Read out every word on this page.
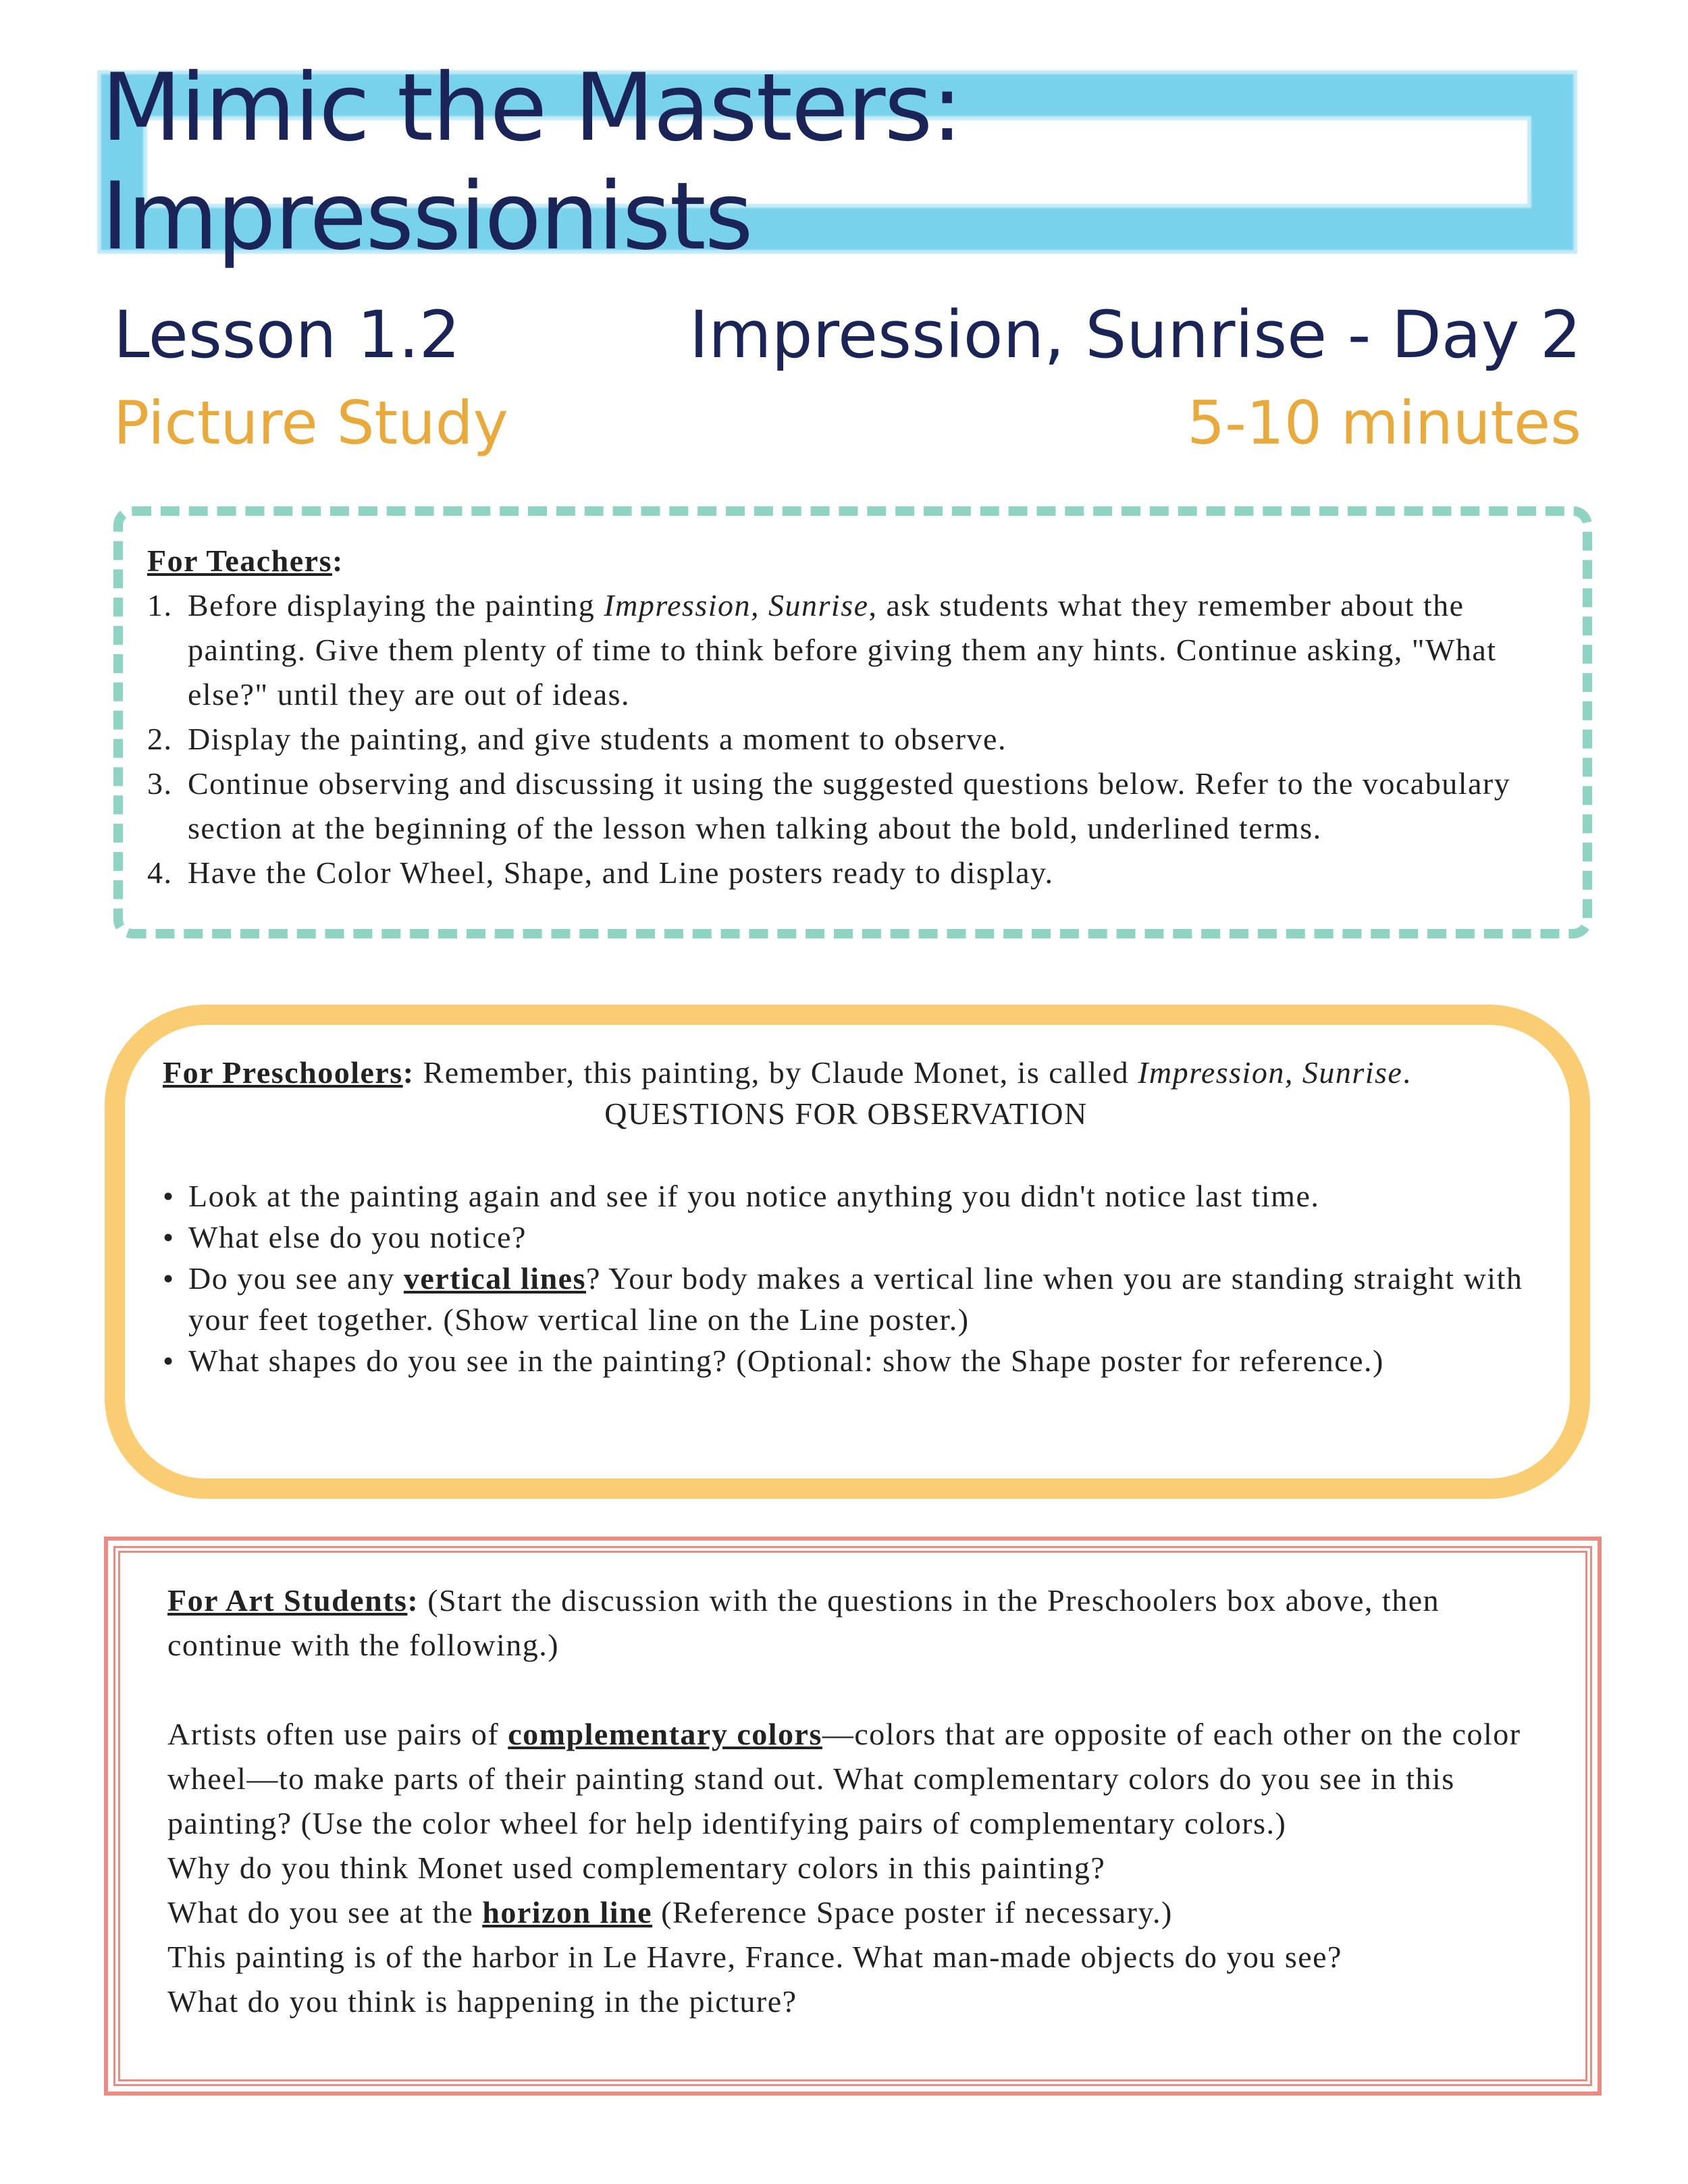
Mimic the Masters: Impressionists
Lesson 1.2	Impression, Sunrise - Day 2
Picture Study	5-10 minutes

For Teachers:

1. Before displaying the painting Impression, Sunrise, ask students what they remember about the painting. Give them plenty of time to think before giving them any hints. Continue asking, "What else?" until they are out of ideas.
2. Display the painting, and give students a moment to observe.
3. Continue observing and discussing it using the suggested questions below. Refer to the vocabulary section at the beginning of the lesson when talking about the bold, underlined terms.
4. Have the Color Wheel, Shape, and Line posters ready to display.

For Preschoolers: Remember, this painting, by Claude Monet, is called Impression, Sunrise.

QUESTIONS FOR OBSERVATION

• Look at the painting again and see if you notice anything you didn't notice last time.
• What else do you notice?
• Do you see any vertical lines? Your body makes a vertical line when you are standing straight with your feet together. (Show vertical line on the Line poster.)
• What shapes do you see in the painting? (Optional: show the Shape poster for reference.)

For Art Students: (Start the discussion with the questions in the Preschoolers box above, then continue with the following.)

Artists often use pairs of complementary colors—colors that are opposite of each other on the color wheel—to make parts of their painting stand out. What complementary colors do you see in this painting? (Use the color wheel for help identifying pairs of complementary colors.)

Why do you think Monet used complementary colors in this painting?

What do you see at the horizon line (Reference Space poster if necessary.)

This painting is of the harbor in Le Havre, France. What man-made objects do you see?

What do you think is happening in the picture?
